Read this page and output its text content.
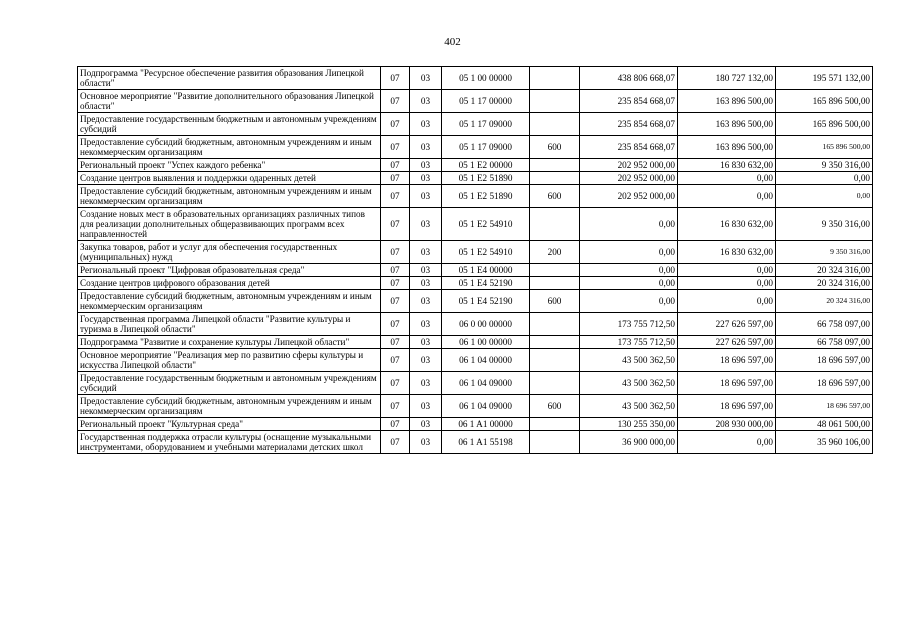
402
Подпрограмма "Ресурсное обеспечение развития образования Липецкой области"	07	03	05 1 00 00000		438 806 668,07	180 727 132,00	195 571 132,00
Основное мероприятие "Развитие дополнительного образования Липецкой области"	07	03	05 1 17 00000		235 854 668,07	163 896 500,00	165 896 500,00
Предоставление государственным бюджетным и автономным учреждениям субсидий	07	03	05 1 17 09000		235 854 668,07	163 896 500,00	165 896 500,00
Предоставление субсидий бюджетным, автономным учреждениям и иным некоммерческим организациям	07	03	05 1 17 09000	600	235 854 668,07	163 896 500,00	165 896 500,00
Региональный проект "Успех каждого ребенка"	07	03	05 1 E2 00000		202 952 000,00	16 830 632,00	9 350 316,00
Создание центров выявления и поддержки одаренных детей	07	03	05 1 E2 51890		202 952 000,00	0,00	0,00
Предоставление субсидий бюджетным, автономным учреждениям и иным некоммерческим организациям	07	03	05 1 E2 51890	600	202 952 000,00	0,00	0,00
Создание новых мест в образовательных организациях различных типов для реализации дополнительных общеразвивающих программ всех направленностей	07	03	05 1 E2 54910		0,00	16 830 632,00	9 350 316,00
Закупка товаров, работ и услуг для обеспечения государственных (муниципальных) нужд	07	03	05 1 E2 54910	200	0,00	16 830 632,00	9 350 316,00
Региональный проект "Цифровая образовательная среда"	07	03	05 1 E4 00000		0,00	0,00	20 324 316,00
Создание центров цифрового образования детей	07	03	05 1 E4 52190		0,00	0,00	20 324 316,00
Предоставление субсидий бюджетным, автономным учреждениям и иным некоммерческим организациям	07	03	05 1 E4 52190	600	0,00	0,00	20 324 316,00
Государственная программа Липецкой области "Развитие культуры и туризма в Липецкой области"	07	03	06 0 00 00000		173 755 712,50	227 626 597,00	66 758 097,00
Подпрограмма "Развитие и сохранение культуры Липецкой области"	07	03	06 1 00 00000		173 755 712,50	227 626 597,00	66 758 097,00
Основное мероприятие "Реализация мер по развитию сферы культуры и искусства Липецкой области"	07	03	06 1 04 00000		43 500 362,50	18 696 597,00	18 696 597,00
Предоставление государственным бюджетным и автономным учреждениям субсидий	07	03	06 1 04 09000		43 500 362,50	18 696 597,00	18 696 597,00
Предоставление субсидий бюджетным, автономным учреждениям и иным некоммерческим организациям	07	03	06 1 04 09000	600	43 500 362,50	18 696 597,00	18 696 597,00
Региональный проект "Культурная среда"	07	03	06 1 A1 00000		130 255 350,00	208 930 000,00	48 061 500,00
Государственная поддержка отрасли культуры (оснащение музыкальными инструментами, оборудованием и учебными материалами детских школ	07	03	06 1 A1 55198		36 900 000,00	0,00	35 960 106,00
